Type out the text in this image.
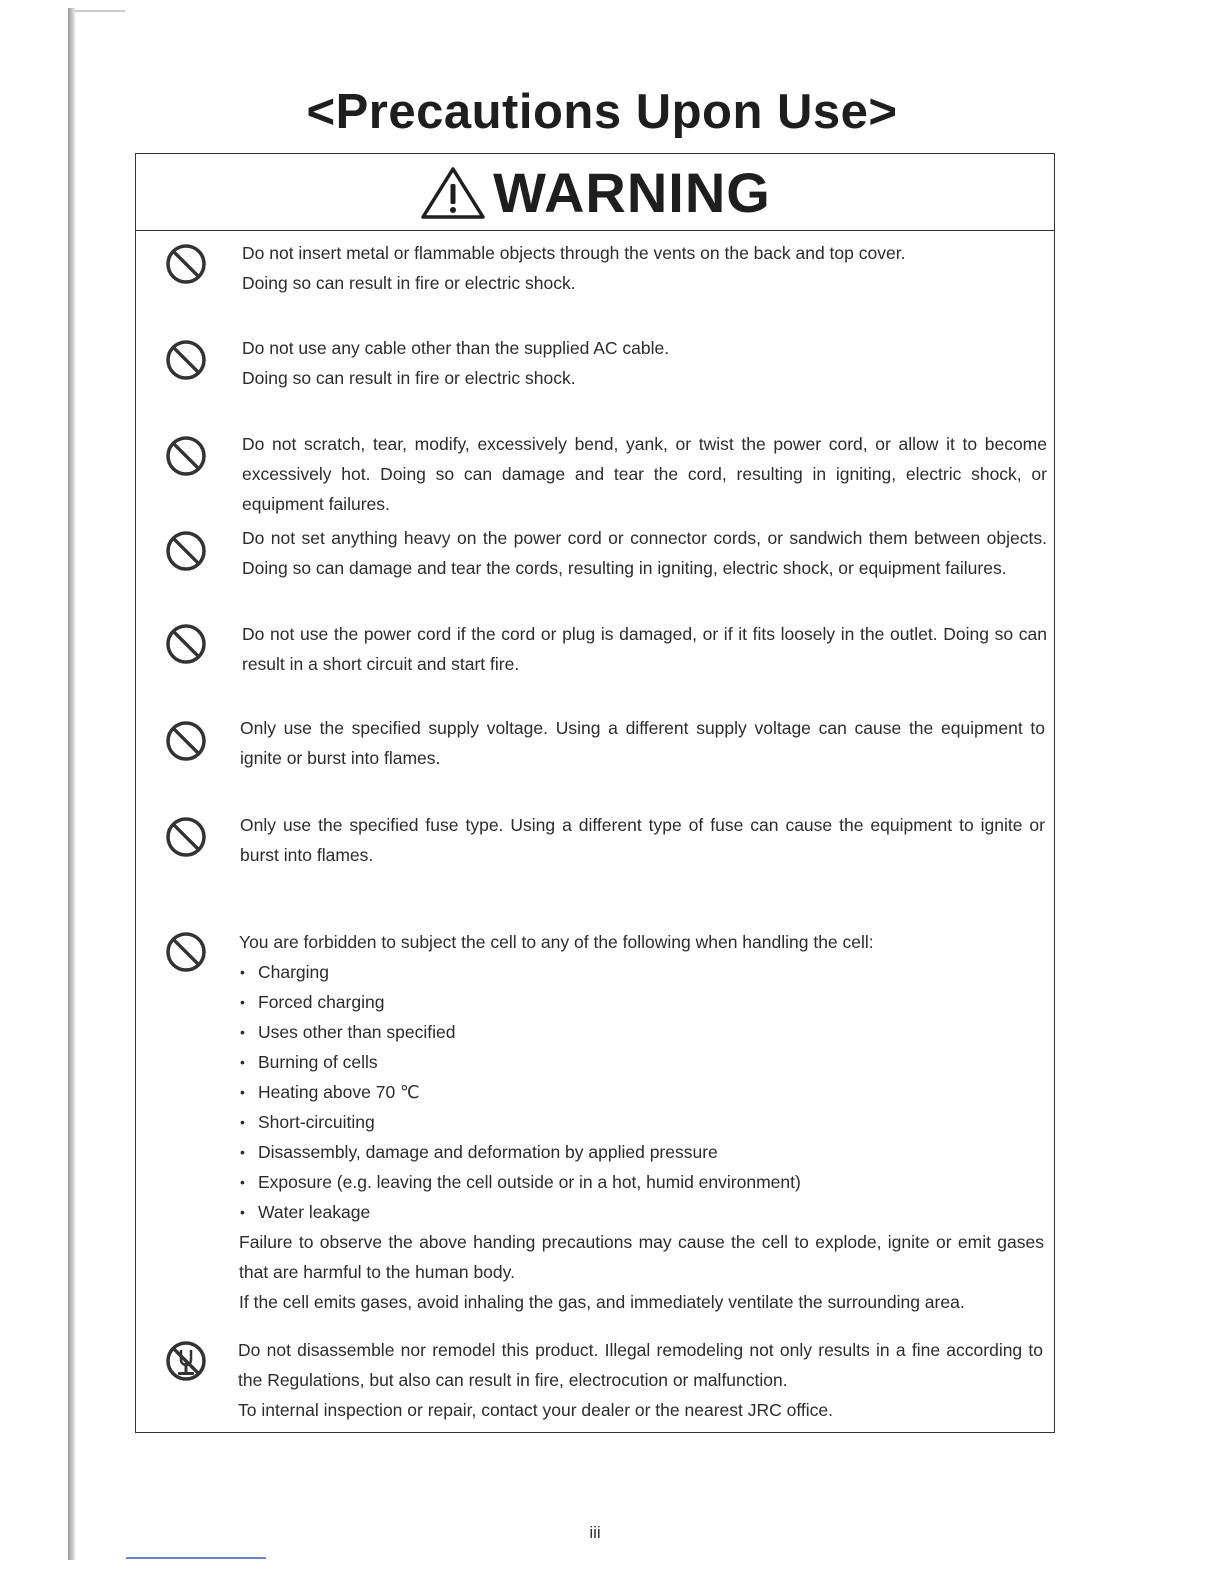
<Precautions Upon Use>
WARNING

Do not insert metal or flammable objects through the vents on the back and top cover.

Doing so can result in fire or electric shock.

Do not use any cable other than the supplied AC cable.

Doing so can result in fire or electric shock.

Do not scratch, tear, modify, excessively bend, yank, or twist the power cord, or allow it to become excessively hot. Doing so can damage and tear the cord, resulting in igniting, electric shock, or equipment failures.

Do not set anything heavy on the power cord or connector cords, or sandwich them between objects. Doing so can damage and tear the cords, resulting in igniting, electric shock, or equipment failures.

Do not use the power cord if the cord or plug is damaged, or if it fits loosely in the outlet. Doing so can result in a short circuit and start fire.

Only use the specified supply voltage. Using a different supply voltage can cause the equipment to ignite or burst into flames.

Only use the specified fuse type. Using a different type of fuse can cause the equipment to ignite or burst into flames.

You are forbidden to subject the cell to any of the following when handling the cell:

• Charging
• Forced charging
• Uses other than specified
• Burning of cells
• Heating above 70 ℃
• Short-circuiting
• Disassembly, damage and deformation by applied pressure
• Exposure (e.g. leaving the cell outside or in a hot, humid environment)
• Water leakage

Failure to observe the above handing precautions may cause the cell to explode, ignite or emit gases that are harmful to the human body.

If the cell emits gases, avoid inhaling the gas, and immediately ventilate the surrounding area.

Do not disassemble nor remodel this product. Illegal remodeling not only results in a fine according to the Regulations, but also can result in fire, electrocution or malfunction.

To internal inspection or repair, contact your dealer or the nearest JRC office.

iii
